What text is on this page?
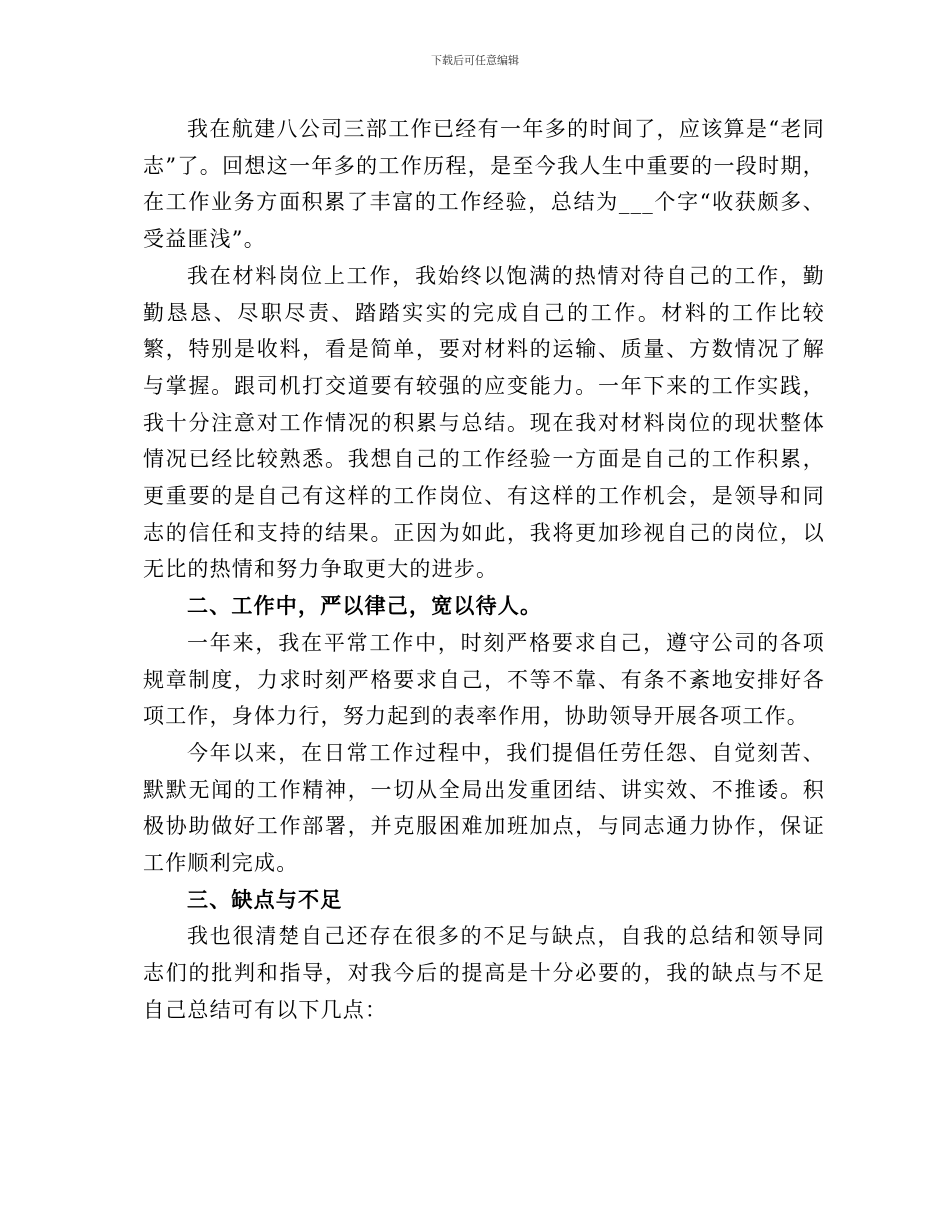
下载后可任意编辑

我在航建八公司三部工作已经有一年多的时间了，应该算是“老同志”了。回想这一年多的工作历程，是至今我人生中重要的一段时期，在工作业务方面积累了丰富的工作经验，总结为___个字“收获颇多、受益匪浅”。

我在材料岗位上工作，我始终以饱满的热情对待自己的工作，勤勤恳恳、尽职尽责、踏踏实实的完成自己的工作。材料的工作比较繁，特别是收料，看是简单，要对材料的运输、质量、方数情况了解与掌握。跟司机打交道要有较强的应变能力。一年下来的工作实践，我十分注意对工作情况的积累与总结。现在我对材料岗位的现状整体情况已经比较熟悉。我想自己的工作经验一方面是自己的工作积累，更重要的是自己有这样的工作岗位、有这样的工作机会，是领导和同志的信任和支持的结果。正因为如此，我将更加珍视自己的岗位，以无比的热情和努力争取更大的进步。

二、工作中，严以律己，宽以待人。

一年来，我在平常工作中，时刻严格要求自己，遵守公司的各项规章制度，力求时刻严格要求自己，不等不靠、有条不紊地安排好各项工作，身体力行，努力起到的表率作用，协助领导开展各项工作。

今年以来，在日常工作过程中，我们提倡任劳任怨、自觉刻苦、默默无闻的工作精神，一切从全局出发重团结、讲实效、不推诿。积极协助做好工作部署，并克服困难加班加点，与同志通力协作，保证工作顺利完成。

三、缺点与不足

我也很清楚自己还存在很多的不足与缺点，自我的总结和领导同志们的批判和指导，对我今后的提高是十分必要的，我的缺点与不足自己总结可有以下几点：
